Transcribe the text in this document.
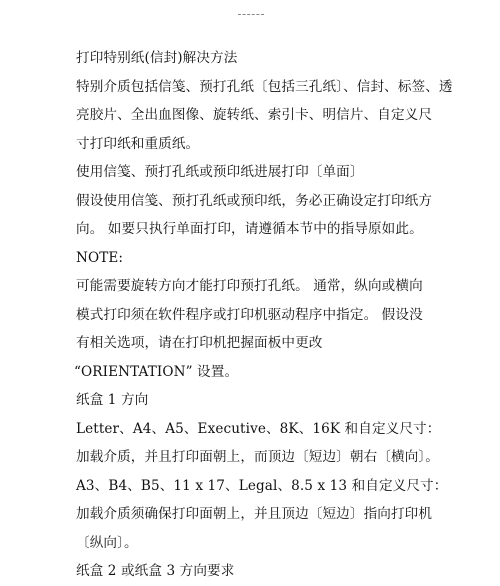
打印特别纸(信封)解决方法
特别介质包括信笺、预打孔纸〔包括三孔纸〕、信封、标签、透
亮胶片、全出血图像、旋转纸、索引卡、明信片、自定义尺
寸打印纸和重质纸。
使用信笺、预打孔纸或预印纸进展打印〔单面〕
假设使用信笺、预打孔纸或预印纸，务必正确设定打印纸方
向。 如要只执行单面打印，请遵循本节中的指导原如此。
NOTE:
可能需要旋转方向才能打印预打孔纸。 通常，纵向或横向
模式打印须在软件程序或打印机驱动程序中指定。 假设没
有相关选项，请在打印机把握面板中更改
“ORIENTATION” 设置。
纸盒 1 方向
Letter、A4、A5、Executive、8K、16K 和自定义尺寸：
加载介质，并且打印面朝上，而顶边〔短边〕朝右〔横向〕。
A3、B4、B5、11 x 17、Legal、8.5 x 13 和自定义尺寸：
加载介质须确保打印面朝上，并且顶边〔短边〕指向打印机
〔纵向〕。
纸盒 2 或纸盒 3 方向要求
